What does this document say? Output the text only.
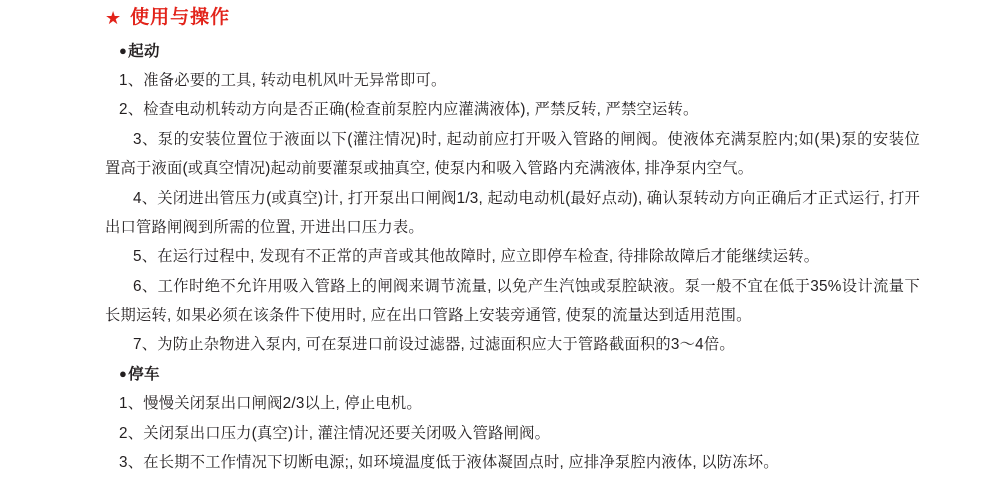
★ 使用与操作
●起动

1、准备必要的工具, 转动电机风叶无异常即可。

2、检查电动机转动方向是否正确(检查前泵腔内应灌满液体), 严禁反转, 严禁空运转。

3、泵的安装位置位于液面以下(灌注情况)时, 起动前应打开吸入管路的闸阀。使液体充满泵腔内;如(果)泵的安装位置高于液面(或真空情况)起动前要灌泵或抽真空, 使泵内和吸入管路内充满液体, 排净泵内空气。

4、关闭进出管压力(或真空)计, 打开泵出口闸阀1/3, 起动电动机(最好点动), 确认泵转动方向正确后才正式运行, 打开出口管路闸阀到所需的位置, 开进出口压力表。

5、在运行过程中, 发现有不正常的声音或其他故障时, 应立即停车检查, 待排除故障后才能继续运转。

6、工作时绝不允许用吸入管路上的闸阀来调节流量, 以免产生汽蚀或泵腔缺液。泵一般不宜在低于35%设计流量下长期运转, 如果必须在该条件下使用时, 应在出口管路上安装旁通管, 使泵的流量达到适用范围。

7、为防止杂物进入泵内, 可在泵进口前设过滤器, 过滤面积应大于管路截面积的3～4倍。

●停车

1、慢慢关闭泵出口闸阀2/3以上, 停止电机。

2、关闭泵出口压力(真空)计, 灌注情况还要关闭吸入管路闸阀。

3、在长期不工作情况下切断电源;, 如环境温度低于液体凝固点时, 应排净泵腔内液体, 以防冻坏。
